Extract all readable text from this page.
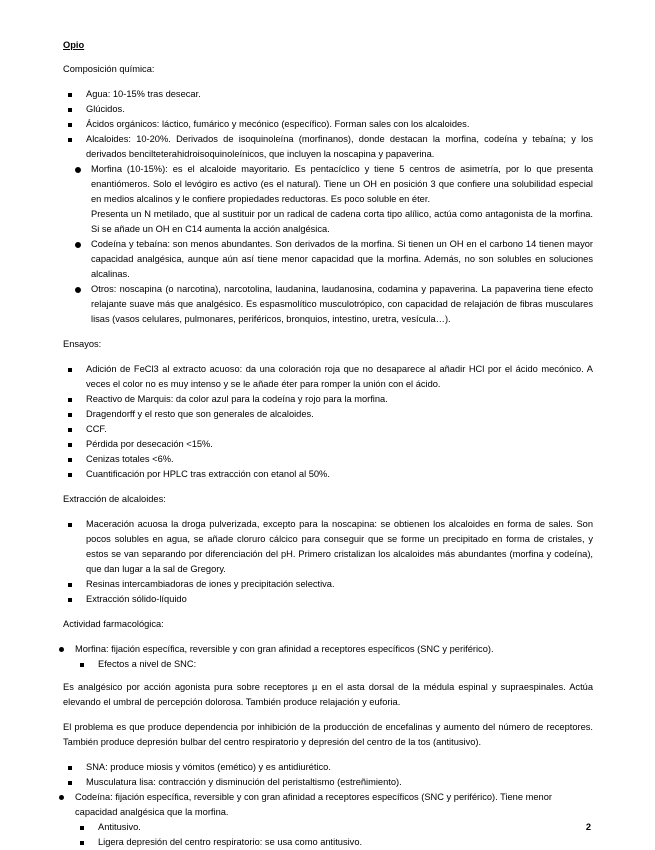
Opio
Composición química:
Agua: 10-15% tras desecar.
Glúcidos.
Ácidos orgánicos: láctico, fumárico y mecónico (específico). Forman sales con los alcaloides.
Alcaloides: 10-20%. Derivados de isoquinoleína (morfinanos), donde destacan la morfina, codeína y tebaína; y los derivados bencilteterahidroisoquinoleínicos, que incluyen la noscapina y papaverina.
Morfina (10-15%): es el alcaloide mayoritario. Es pentacíclico y tiene 5 centros de asimetría, por lo que presenta enantiómeros. Solo el levógiro es activo (es el natural). Tiene un OH en posición 3 que confiere una solubilidad especial en medios alcalinos y le confiere propiedades reductoras. Es poco soluble en éter.
Presenta un N metilado, que al sustituir por un radical de cadena corta tipo alílico, actúa como antagonista de la morfina. Si se añade un OH en C14 aumenta la acción analgésica.
Codeína y tebaína: son menos abundantes. Son derivados de la morfina. Si tienen un OH en el carbono 14 tienen mayor capacidad analgésica, aunque aún así tiene menor capacidad que la morfina. Además, no son solubles en soluciones alcalinas.
Otros: noscapina (o narcotina), narcotolina, laudanina, laudanosina, codamina y papaverina. La papaverina tiene efecto relajante suave más que analgésico. Es espasmolítico musculotrópico, con capacidad de relajación de fibras musculares lisas (vasos celulares, pulmonares, periféricos, bronquios, intestino, uretra, vesícula…).
Ensayos:
Adición de FeCl3 al extracto acuoso: da una coloración roja que no desaparece al añadir HCl por el ácido mecónico. A veces el color no es muy intenso y se le añade éter para romper la unión con el ácido.
Reactivo de Marquis: da color azul para la codeína y rojo para la morfina.
Dragendorff y el resto que son generales de alcaloides.
CCF.
Pérdida por desecación <15%.
Cenizas totales <6%.
Cuantificación por HPLC tras extracción con etanol al 50%.
Extracción de alcaloides:
Maceración acuosa la droga pulverizada, excepto para la noscapina: se obtienen los alcaloides en forma de sales. Son pocos solubles en agua, se añade cloruro cálcico para conseguir que se forme un precipitado en forma de cristales, y estos se van separando por diferenciación del pH. Primero cristalizan los alcaloides más abundantes (morfina y codeína), que dan lugar a la sal de Gregory.
Resinas intercambiadoras de iones y precipitación selectiva.
Extracción sólido-líquido
Actividad farmacológica:
Morfina: fijación específica, reversible y con gran afinidad a receptores específicos (SNC y periférico).
Efectos a nivel de SNC:
Es analgésico por acción agonista pura sobre receptores µ en el asta dorsal de la médula espinal y supraespinales. Actúa elevando el umbral de percepción dolorosa. También produce relajación y euforia.
El problema es que produce dependencia por inhibición de la producción de encefalinas y aumento del número de receptores. También produce depresión bulbar del centro respiratorio y depresión del centro de la tos (antitusivo).
SNA: produce miosis y vómitos (emético) y es antidiurético.
Musculatura lisa: contracción y disminución del peristaltismo (estreñimiento).
Codeína: fijación específica, reversible y con gran afinidad a receptores específicos (SNC y periférico). Tiene menor capacidad analgésica que la morfina.
Antitusivo.
Ligera depresión del centro respiratorio: se usa como antitusivo.
2
